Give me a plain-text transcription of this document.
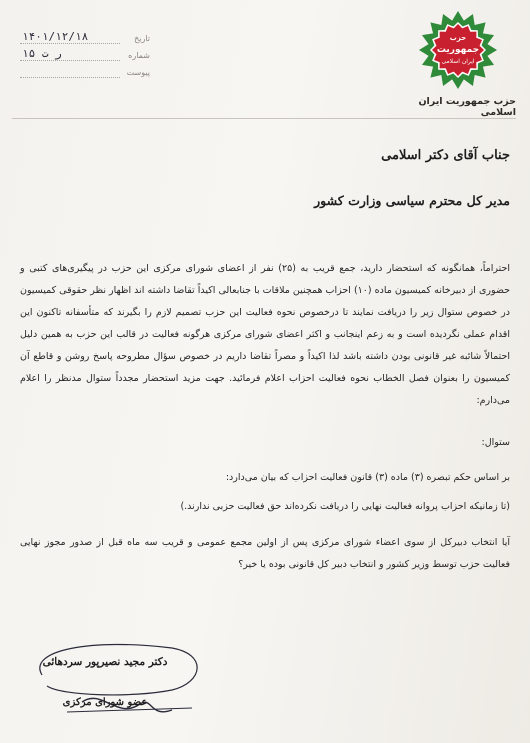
حزب
جمهوریت
ایران اسلامی
حزب جمهوریت ایران اسلامی
تاریخ
۱۴۰۱/۱۲/۱۸
شماره
۱۵ ر ت
پیوست
جناب آقای دکتر اسلامی
مدیر کل محترم سیاسی وزارت کشور

احتراماً، همانگونه که استحضار دارید، جمع قریب به (۲۵) نفر از اعضای شورای مرکزی این حزب در پیگیری‌های کتبی و حضوری از دبیرخانه کمیسیون ماده (۱۰) احزاب همچنین ملاقات با جنابعالی اکیداً تقاضا داشته اند اظهار نظر حقوقی کمیسیون در خصوص ستوال زیر را دریافت نمایند تا درخصوص نحوه فعالیت این حزب تصمیم لازم را بگیرند که متأسفانه تاکنون این اقدام عملی نگردیده است و به زعم اینجانب و اکثر اعضای شورای مرکزی هرگونه فعالیت در قالب این حزب به همین دلیل احتمالاً شائبه غیر قانونی بودن داشته باشد لذا اکیداً و مصراً تقاضا داریم در خصوص سؤال مطروحه پاسخ روشن و قاطع آن کمیسیون را بعنوان فصل الخطاب نحوه فعالیت احزاب اعلام فرمائید. جهت مزید استحضار مجدداً ستوال مدنظر را اعلام می‌دارم:

ستوال:
بر اساس حکم تبصره (۳) ماده (۳) قانون فعالیت احزاب که بیان می‌دارد:
(تا زمانیکه احزاب پروانه فعالیت نهایی را دریافت نکرده‌اند حق فعالیت حزبی ندارند.)
آیا انتخاب دبیرکل از سوی اعضاء شورای مرکزی پس از اولین مجمع عمومی و قریب سه ماه قبل از صدور مجوز نهایی فعالیت حزب توسط وزیر کشور و انتخاب دبیر کل قانونی بوده یا خیر؟
دکتر مجید نصیرپور سردهائی
عضو شورای مرکزی
